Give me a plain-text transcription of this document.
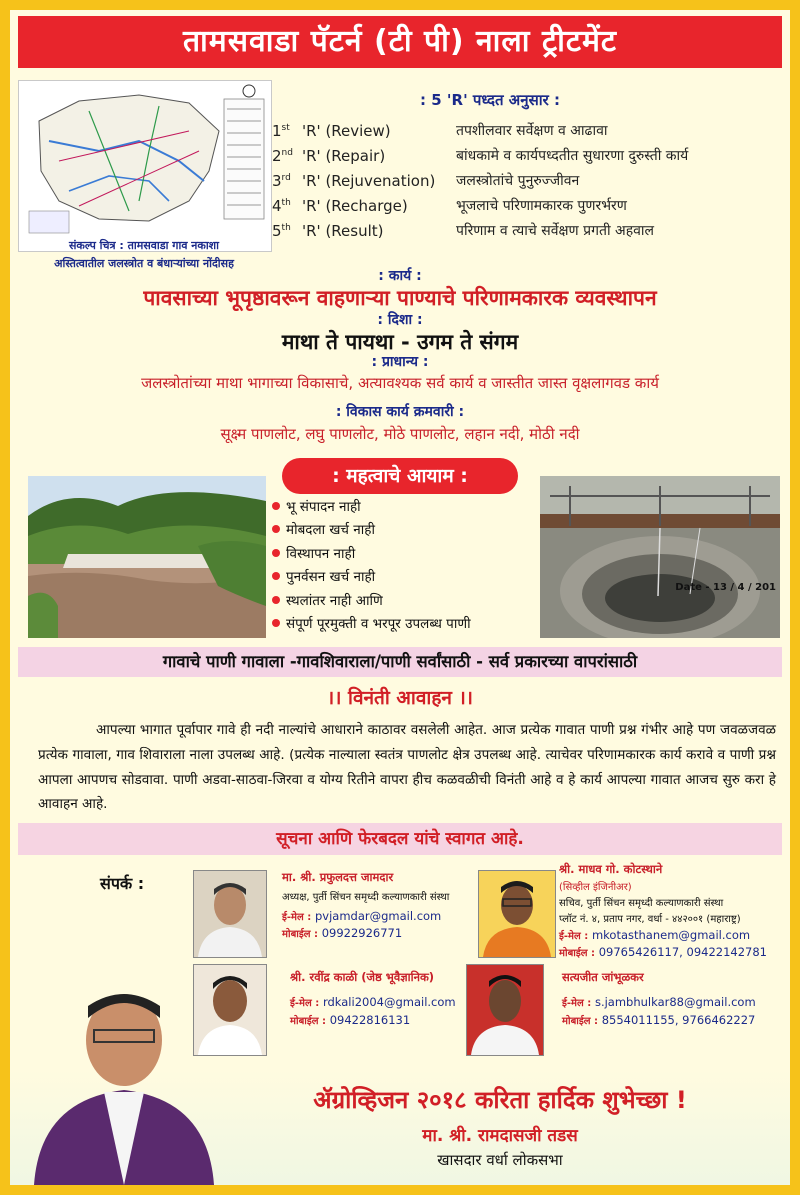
तामसवाडा पॅटर्न (टी पी) नाला ट्रीटमेंट
संकल्प चित्र : तामसवाडा गाव नकाशा
अस्तित्वातील जलस्त्रोत व बंधाऱ्यांच्या नोंदीसह
: 5 'R' पध्दत अनुसार :
1st 'R' (Review)	तपशीलवार सर्वेक्षण व आढावा
2nd 'R' (Repair)	बांधकामे व कार्यपध्दतीत सुधारणा दुरुस्ती कार्य
3rd 'R' (Rejuvenation)	जलस्त्रोतांचे पुनुरुज्जीवन
4th 'R' (Recharge)	भूजलाचे परिणामकारक पुणरर्भरण
5th 'R' (Result)	परिणाम व त्याचे सर्वेक्षण प्रगती अहवाल
: कार्य :
पावसाच्या भूपृष्ठावरून वाहणाऱ्या पाण्याचे परिणामकारक व्यवस्थापन
: दिशा :
माथा ते पायथा - उगम ते संगम
: प्राधान्य :
जलस्त्रोतांच्या माथा भागाच्या विकासाचे, अत्यावश्यक सर्व कार्य व जास्तीत जास्त वृक्षलागवड कार्य
: विकास कार्य क्रमवारी :
सूक्ष्म पाणलोट, लघु पाणलोट, मोठे पाणलोट, लहान नदी, मोठी नदी
: महत्वाचे आयाम :
भू संपादन नाही
मोबदला खर्च नाही
विस्थापन नाही
पुनर्वसन खर्च नाही
स्थलांतर नाही आणि
संपूर्ण पूरमुक्ती व भरपूर उपलब्ध पाणी
Date - 13 / 4 / 201
गावाचे पाणी गावाला -गावशिवाराला/पाणी सर्वांसाठी - सर्व प्रकारच्या वापरांसाठी
।। विनंती आवाहन ।।
आपल्या भागात पूर्वापार गावे ही नदी नाल्यांचे आधाराने काठावर वसलेली आहेत. आज प्रत्येक गावात पाणी प्रश्न गंभीर आहे पण जवळजवळ प्रत्येक गावाला, गाव शिवाराला नाला उपलब्ध आहे. (प्रत्येक नाल्याला स्वतंत्र पाणलोट क्षेत्र उपलब्ध आहे. त्याचेवर परिणामकारक कार्य करावे व पाणी प्रश्न आपला आपणच सोडवावा. पाणी अडवा-साठवा-जिरवा व योग्य रितीने वापरा हीच कळवळीची विनंती आहे व हे कार्य आपल्या गावात आजच सुरु करा हे आवाहन आहे.
सूचना आणि फेरबदल यांचे स्वागत आहे.
संपर्क :	मा. श्री. प्रफुलदत्त जामदार
अध्यक्ष, पुर्ती सिंचन समृध्दी कल्याणकारी संस्था
ई-मेल : pvjamdar@gmail.com
मोबाईल : 09922926771
श्री. माधव गो. कोटस्थाने
(सिव्हील इंजिनीअर)
सचिव, पुर्ती सिंचन समृध्दी कल्याणकारी संस्था
प्लॉट नं. ४, प्रताप नगर, वर्धा - ४४२००१ (महाराष्ट्र)
ई-मेल : mkotasthanem@gmail.com
मोबाईल : 09765426117, 09422142781
श्री. रवींद्र काळी (जेष्ठ भूवैज्ञानिक)
ई-मेल : rdkali2004@gmail.com
मोबाईल : 09422816131
सत्यजीत जांभूळकर
ई-मेल : s.jambhulkar88@gmail.com
मोबाईल : 8554011155, 9766462227
ॲग्रोव्हिजन २०१८ करिता हार्दिक शुभेच्छा !
मा. श्री. रामदासजी तडस
खासदार वर्धा लोकसभा
